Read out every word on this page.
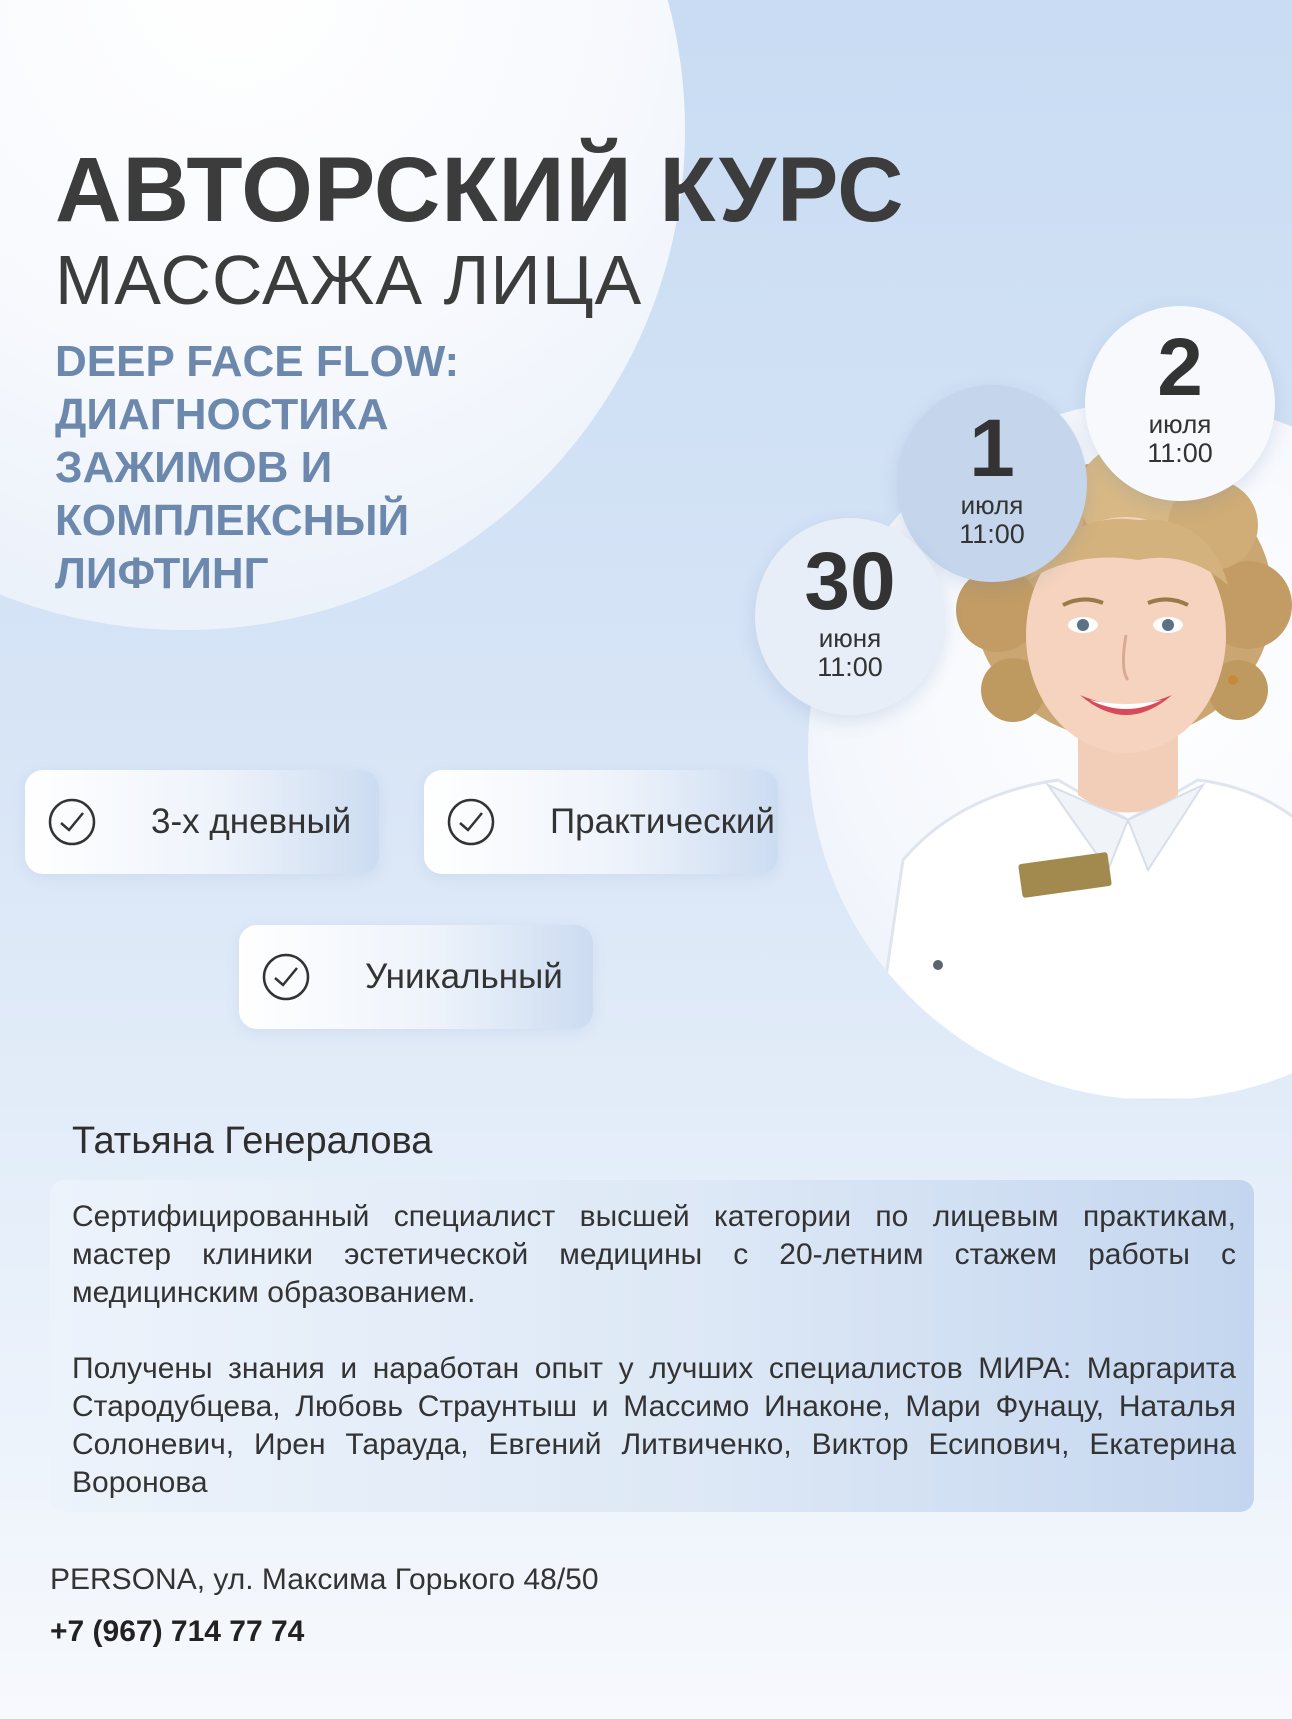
АВТОРСКИЙ КУРС
МАССАЖА ЛИЦА
DEEP FACE FLOW: ДИАГНОСТИКА ЗАЖИМОВ И КОМПЛЕКСНЫЙ ЛИФТИНГ
2
июля
11:00
1
июля
11:00
30
июня
11:00
3-х дневный	Практический
Уникальный
Татьяна Генералова

Сертифицированный специалист высшей категории по лицевым практикам, мастер клиники эстетической медицины с 20-летним стажем работы с медицинским образованием.

Получены знания и наработан опыт у лучших специалистов МИРА: Маргарита Стародубцева, Любовь Страунтыш и Массимо Инаконе, Мари Фунацу, Наталья Солоневич, Ирен Тарауда, Евгений Литвиченко, Виктор Есипович, Екатерина Воронова

PERSONA, ул. Максима Горького 48/50
+7 (967) 714 77 74
